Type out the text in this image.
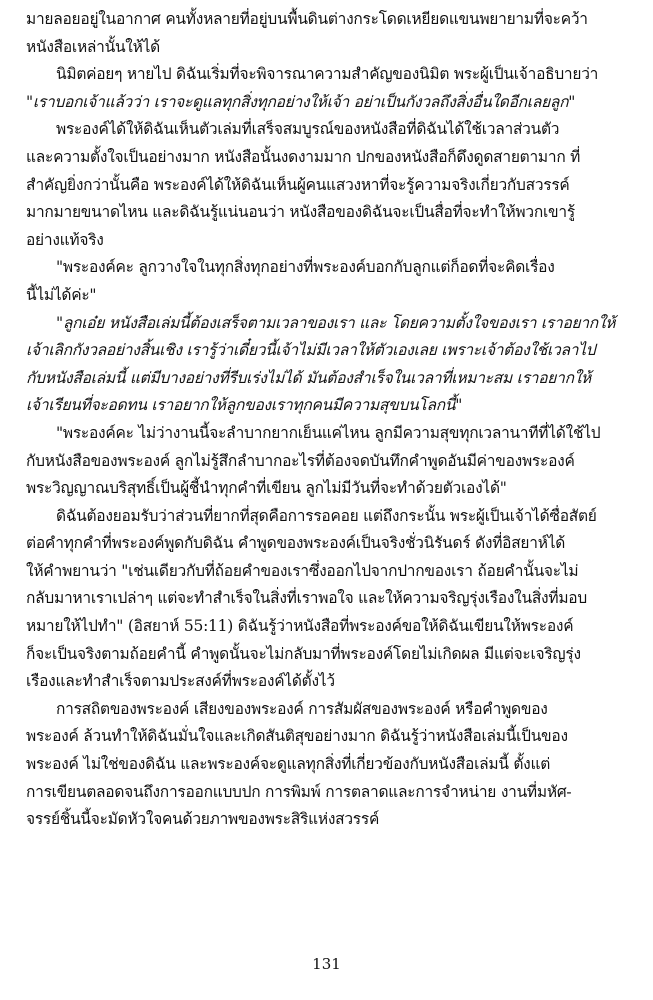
มายลอยอยู่ในอากาศ คนทั้งหลายที่อยู่บนพื้นดินต่างกระโดดเหยียดแขนพยายามที่จะคว้า
หนังสือเหล่านั้นให้ได้
นิมิตค่อยๆ หายไป ดิฉันเริ่มที่จะพิจารณาความสำคัญของนิมิต พระผู้เป็นเจ้าอธิบายว่า
"เราบอกเจ้าแล้วว่า เราจะดูแลทุกสิ่งทุกอย่างให้เจ้า อย่าเป็นกังวลถึงสิ่งอื่นใดอีกเลยลูก"
พระองค์ได้ให้ดิฉันเห็นตัวเล่มที่เสร็จสมบูรณ์ของหนังสือที่ดิฉันได้ใช้เวลาส่วนตัว
และความตั้งใจเป็นอย่างมาก หนังสือนั้นงดงามมาก ปกของหนังสือก็ดึงดูดสายตามาก ที่
สำคัญยิ่งกว่านั้นคือ พระองค์ได้ให้ดิฉันเห็นผู้คนแสวงหาที่จะรู้ความจริงเกี่ยวกับสวรรค์
มากมายขนาดไหน และดิฉันรู้แน่นอนว่า หนังสือของดิฉันจะเป็นสื่อที่จะทำให้พวกเขารู้
อย่างแท้จริง
"พระองค์คะ ลูกวางใจในทุกสิ่งทุกอย่างที่พระองค์บอกกับลูกแต่ก็อดที่จะคิดเรื่อง
นี้ไม่ได้ค่ะ"
"ลูกเอ๋ย หนังสือเล่มนี้ต้องเสร็จตามเวลาของเรา และ โดยความตั้งใจของเรา เราอยากให้
เจ้าเลิกกังวลอย่างสิ้นเชิง เรารู้ว่าเดี๋ยวนี้เจ้าไม่มีเวลาให้ตัวเองเลย เพราะเจ้าต้องใช้เวลาไป
กับหนังสือเล่มนี้ แต่มีบางอย่างที่รีบเร่งไม่ได้ มันต้องสำเร็จในเวลาที่เหมาะสม เราอยากให้
เจ้าเรียนที่จะอดทน เราอยากให้ลูกของเราทุกคนมีความสุขบนโลกนี้"
"พระองค์คะ ไม่ว่างานนี้จะลำบากยากเย็นแค่ไหน ลูกมีความสุขทุกเวลานาทีที่ได้ใช้ไป
กับหนังสือของพระองค์ ลูกไม่รู้สึกลำบากอะไรที่ต้องจดบันทึกคำพูดอันมีค่าของพระองค์
พระวิญญาณบริสุทธิ์เป็นผู้ชี้นำทุกคำที่เขียน ลูกไม่มีวันที่จะทำด้วยตัวเองได้"
ดิฉันต้องยอมรับว่าส่วนที่ยากที่สุดคือการรอคอย แต่ถึงกระนั้น พระผู้เป็นเจ้าได้ซื่อสัตย์
ต่อคำทุกคำที่พระองค์พูดกับดิฉัน คำพูดของพระองค์เป็นจริงชั่วนิรันดร์ ดังที่อิสยาห์ได้
ให้คำพยานว่า "เช่นเดียวกับที่ถ้อยคำของเราซึ่งออกไปจากปากของเรา ถ้อยคำนั้นจะไม่
กลับมาหาเราเปล่าๆ แต่จะทำสำเร็จในสิ่งที่เราพอใจ และให้ความจริญรุ่งเรืองในสิ่งที่มอบ
หมายให้ไปทำ" (อิสยาห์ 55:11) ดิฉันรู้ว่าหนังสือที่พระองค์ขอให้ดิฉันเขียนให้พระองค์
ก็จะเป็นจริงตามถ้อยคำนี้ คำพูดนั้นจะไม่กลับมาที่พระองค์โดยไม่เกิดผล มีแต่จะเจริญรุ่ง
เรืองและทำสำเร็จตามประสงค์ที่พระองค์ได้ตั้งไว้
การสถิตของพระองค์ เสียงของพระองค์ การสัมผัสของพระองค์ หรือคำพูดของ
พระองค์ ล้วนทำให้ดิฉันมั่นใจและเกิดสันติสุขอย่างมาก ดิฉันรู้ว่าหนังสือเล่มนี้เป็นของ
พระองค์ ไม่ใช่ของดิฉัน และพระองค์จะดูแลทุกสิ่งที่เกี่ยวข้องกับหนังสือเล่มนี้ ตั้งแต่
การเขียนตลอดจนถึงการออกแบบปก การพิมพ์ การตลาดและการจำหน่าย งานที่มหัศ-
จรรย์ชิ้นนี้จะมัดหัวใจคนด้วยภาพของพระสิริแห่งสวรรค์
131
